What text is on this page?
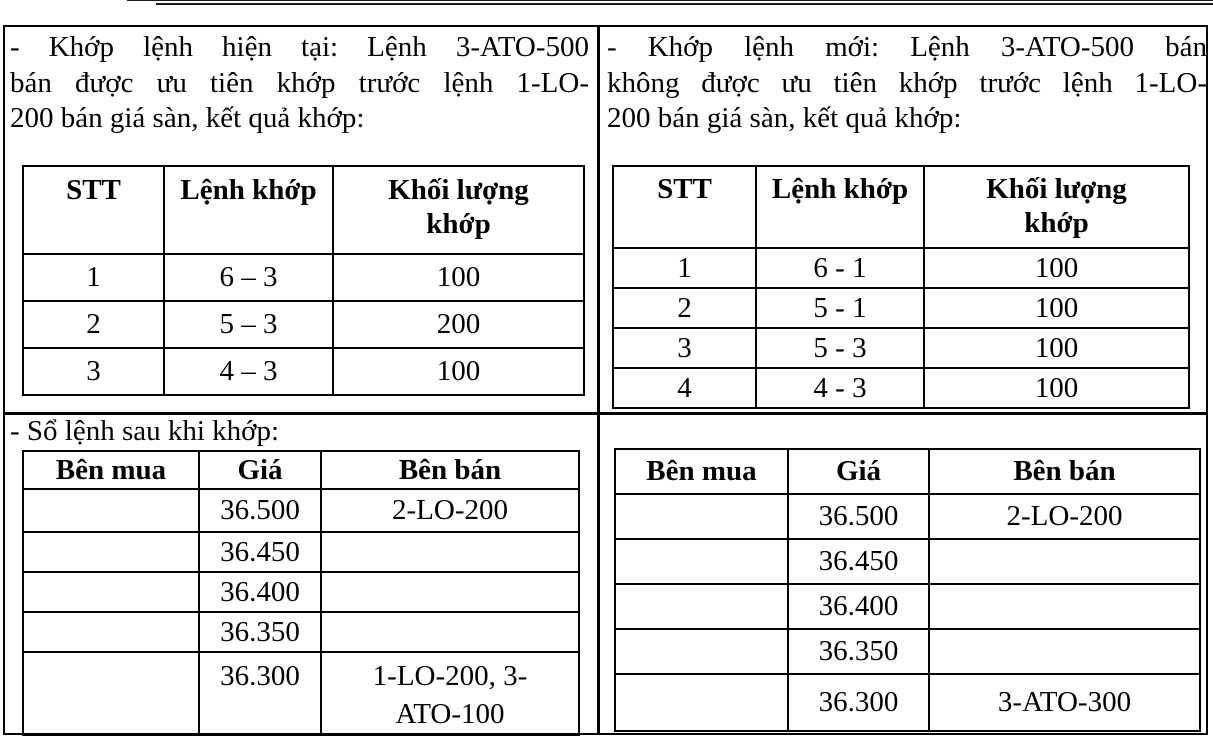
- Khớp lệnh hiện tại: Lệnh 3-ATO-500
bán được ưu tiên khớp trước lệnh 1-LO-
200 bán giá sàn, kết quả khớp:
- Khớp lệnh mới: Lệnh 3-ATO-500 bán
không được ưu tiên khớp trước lệnh 1-LO-
200 bán giá sàn, kết quả khớp:
STT	Lệnh khớp	Khối lượng khớp
1	6 – 3	100
2	5 – 3	200
3	4 – 3	100
STT	Lệnh khớp	Khối lượng khớp
1	6 - 1	100
2	5 - 1	100
3	5 - 3	100
4	4 - 3	100
- Sổ lệnh sau khi khớp:
Bên mua	Giá	Bên bán
	36.500	2-LO-200
	36.450	
	36.400	
	36.350	
	36.300	1-LO-200, 3-ATO-100
Bên mua	Giá	Bên bán
	36.500	2-LO-200
	36.450	
	36.400	
	36.350	
	36.300	3-ATO-300
